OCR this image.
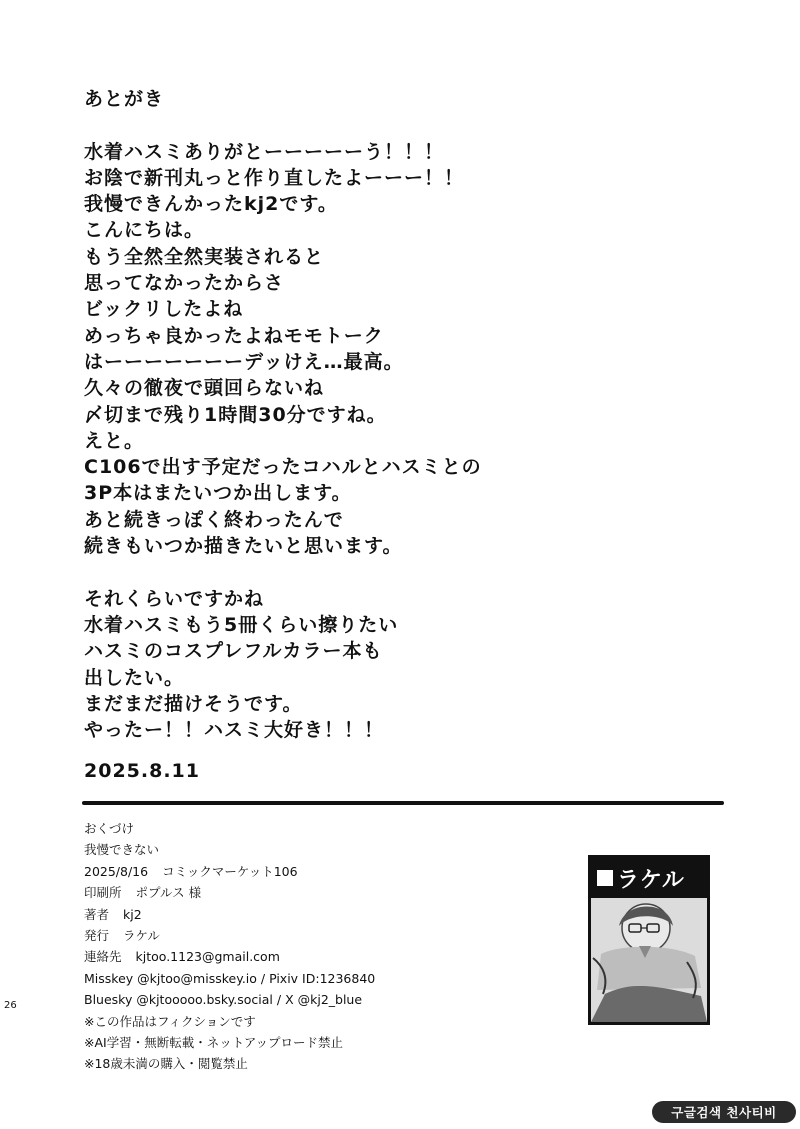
あとがき
水着ハスミありがとーーーーーう！！！
お陰で新刊丸っと作り直したよーーー！！
我慢できんかったkj2です。
こんにちは。
もう全然全然実装されると
思ってなかったからさ
ビックリしたよね
めっちゃ良かったよねモモトーク
はーーーーーーーデッけえ…最高。
久々の徹夜で頭回らないね
〆切まで残り1時間30分ですね。
えと。
C106で出す予定だったコハルとハスミとの
3P本はまたいつか出します。
あと続きっぽく終わったんで
続きもいつか描きたいと思います。
それくらいですかね
水着ハスミもう5冊くらい擦りたい
ハスミのコスプレフルカラー本も
出したい。
まだまだ描けそうです。
やったー！！ハスミ大好き！！！
2025.8.11
おくづけ
我慢できない
2025/8/16 コミックマーケット106
印刷所 ポプルス 様
著者 kj2
発行 ラケル
連絡先 kjtoo.1123@gmail.com
Misskey @kjtoo@misskey.io / Pixiv ID:1236840
Bluesky @kjtooooo.bsky.social / X @kj2_blue
※この作品はフィクションです
※AI学習・無断転載・ネットアップロード禁止
※18歳未満の購入・閲覧禁止
ラケル
26
구글검색 천사티비
